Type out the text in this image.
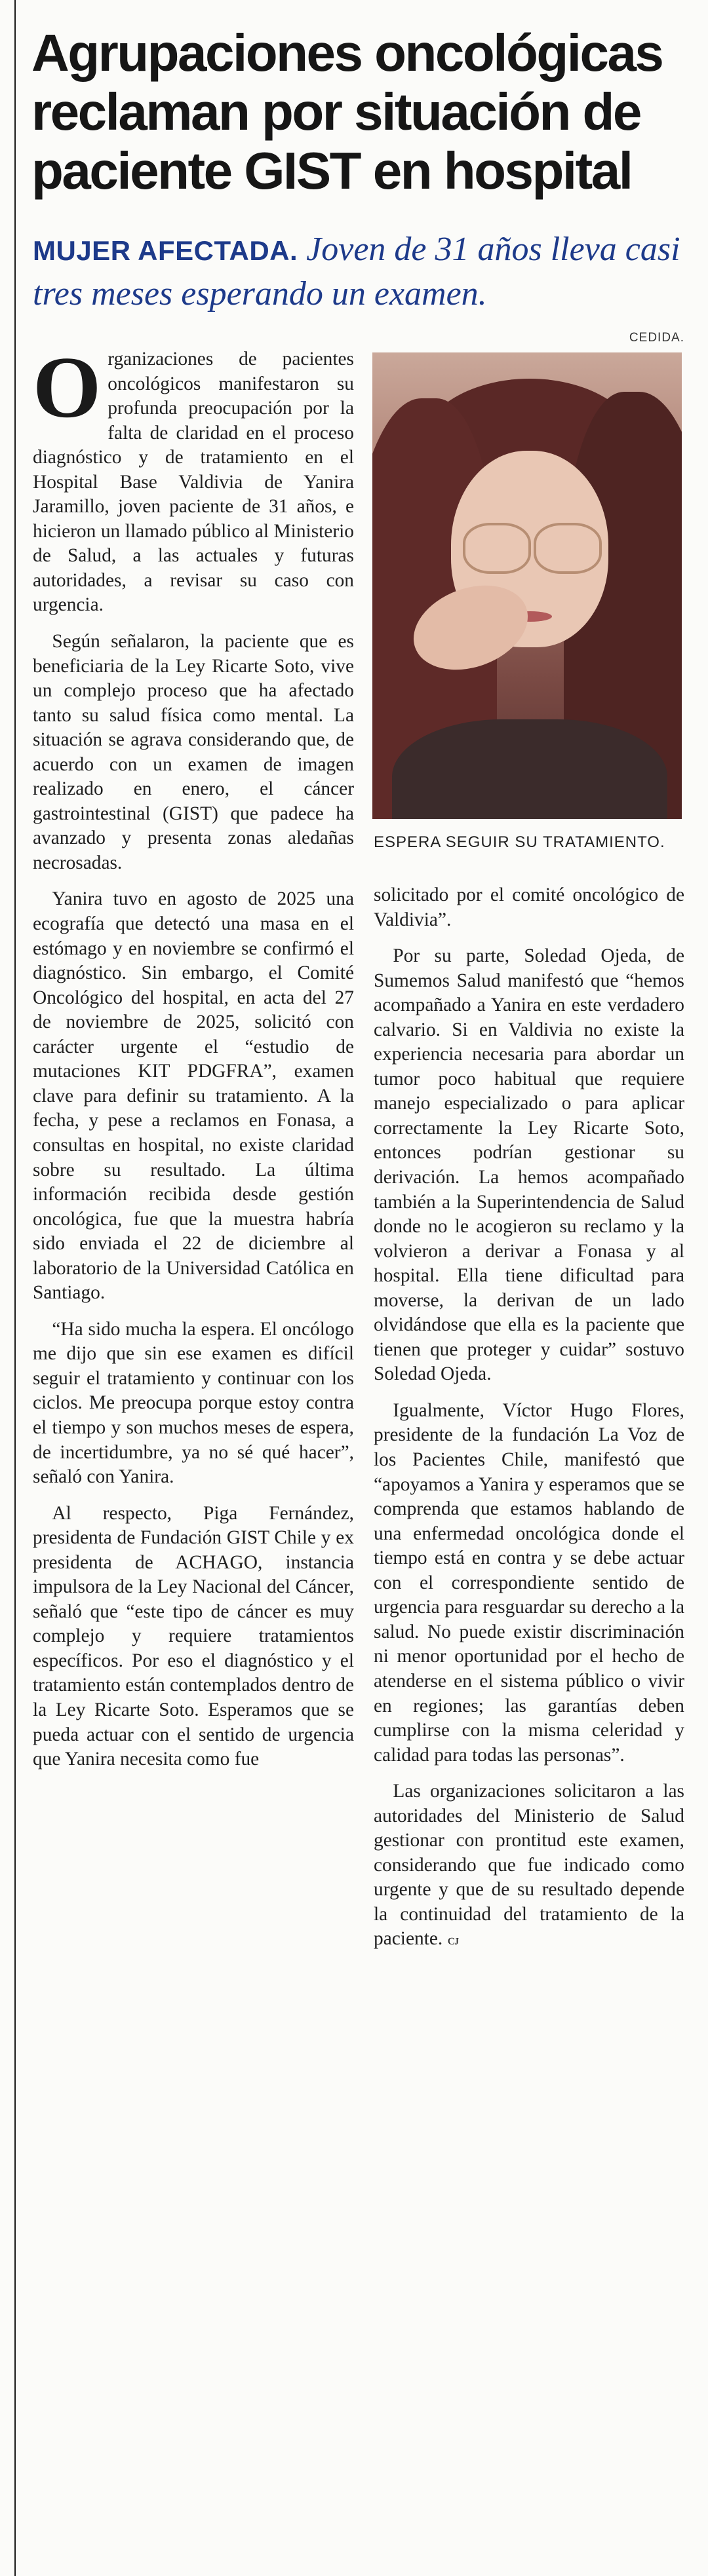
Agrupaciones oncológicas reclaman por situación de paciente GIST en hospital

MUJER AFECTADA. Joven de 31 años lleva casi tres meses esperando un examen.

CEDIDA.
ESPERA SEGUIR SU TRATAMIENTO.

Organizaciones de pacientes oncológicos manifestaron su profunda preocupación por la falta de claridad en el proceso diagnóstico y de tratamiento en el Hospital Base Valdivia de Yanira Jaramillo, joven paciente de 31 años, e hicieron un llamado público al Ministerio de Salud, a las actuales y futuras autoridades, a revisar su caso con urgencia.

Según señalaron, la paciente que es beneficiaria de la Ley Ricarte Soto, vive un complejo proceso que ha afectado tanto su salud física como mental. La situación se agrava considerando que, de acuerdo con un examen de imagen realizado en enero, el cáncer gastrointestinal (GIST) que padece ha avanzado y presenta zonas aledañas necrosadas.

Yanira tuvo en agosto de 2025 una ecografía que detectó una masa en el estómago y en noviembre se confirmó el diagnóstico. Sin embargo, el Comité Oncológico del hospital, en acta del 27 de noviembre de 2025, solicitó con carácter urgente el “estudio de mutaciones KIT PDGFRA”, examen clave para definir su tratamiento. A la fecha, y pese a reclamos en Fonasa, a consultas en hospital, no existe claridad sobre su resultado. La última información recibida desde gestión oncológica, fue que la muestra habría sido enviada el 22 de diciembre al laboratorio de la Universidad Católica en Santiago.

“Ha sido mucha la espera. El oncólogo me dijo que sin ese examen es difícil seguir el tratamiento y continuar con los ciclos. Me preocupa porque estoy contra el tiempo y son muchos meses de espera, de incertidumbre, ya no sé qué hacer”, señaló con Yanira.

Al respecto, Piga Fernández, presidenta de Fundación GIST Chile y ex presidenta de ACHAGO, instancia impulsora de la Ley Nacional del Cáncer, señaló que “este tipo de cáncer es muy complejo y requiere tratamientos específicos. Por eso el diagnóstico y el tratamiento están contemplados dentro de la Ley Ricarte Soto. Esperamos que se pueda actuar con el sentido de urgencia que Yanira necesita como fue

solicitado por el comité oncológico de Valdivia”.

Por su parte, Soledad Ojeda, de Sumemos Salud manifestó que “hemos acompañado a Yanira en este verdadero calvario. Si en Valdivia no existe la experiencia necesaria para abordar un tumor poco habitual que requiere manejo especializado o para aplicar correctamente la Ley Ricarte Soto, entonces podrían gestionar su derivación. La hemos acompañado también a la Superintendencia de Salud donde no le acogieron su reclamo y la volvieron a derivar a Fonasa y al hospital. Ella tiene dificultad para moverse, la derivan de un lado olvidándose que ella es la paciente que tienen que proteger y cuidar” sostuvo Soledad Ojeda.

Igualmente, Víctor Hugo Flores, presidente de la fundación La Voz de los Pacientes Chile, manifestó que “apoyamos a Yanira y esperamos que se comprenda que estamos hablando de una enfermedad oncológica donde el tiempo está en contra y se debe actuar con el correspondiente sentido de urgencia para resguardar su derecho a la salud. No puede existir discriminación ni menor oportunidad por el hecho de atenderse en el sistema público o vivir en regiones; las garantías deben cumplirse con la misma celeridad y calidad para todas las personas”.

Las organizaciones solicitaron a las autoridades del Ministerio de Salud gestionar con prontitud este examen, considerando que fue indicado como urgente y que de su resultado depende la continuidad del tratamiento de la paciente. ᴄᴊ
